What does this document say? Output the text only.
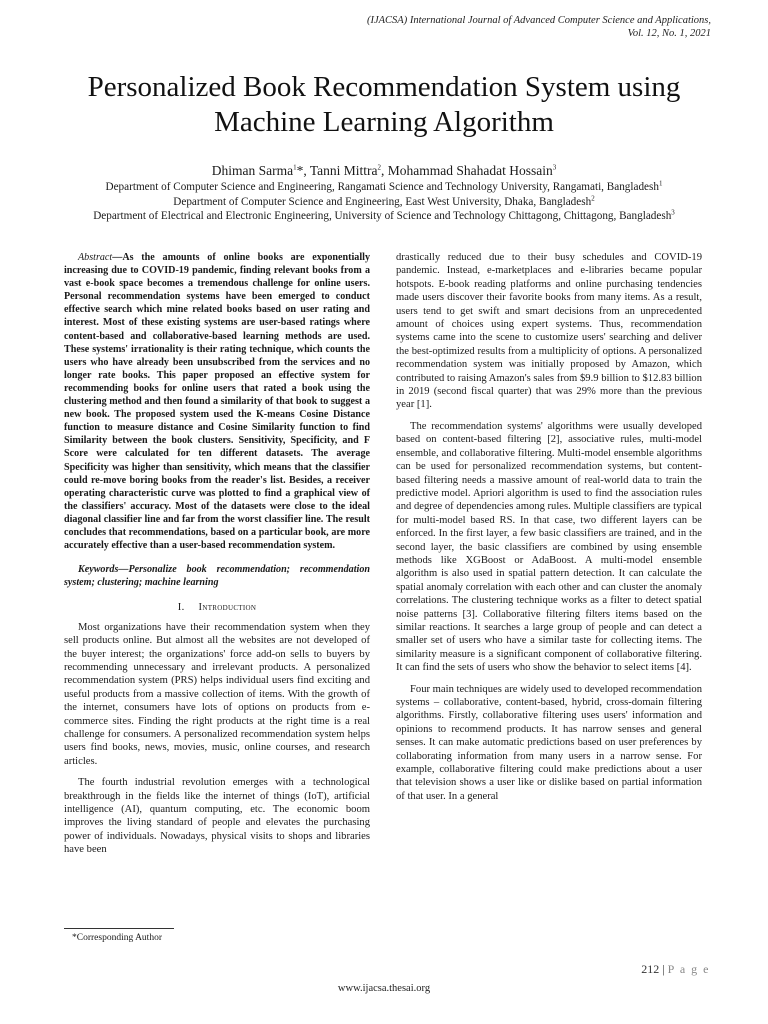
(IJACSA) International Journal of Advanced Computer Science and Applications,
Vol. 12, No. 1, 2021
Personalized Book Recommendation System using
Machine Learning Algorithm
Dhiman Sarma$^1$*, Tanni Mittra$^2$, Mohammad Shahadat Hossain$^3$
Department of Computer Science and Engineering, Rangamati Science and Technology University, Rangamati, Bangladesh$^1$
Department of Computer Science and Engineering, East West University, Dhaka, Bangladesh$^2$
Department of Electrical and Electronic Engineering, University of Science and Technology Chittagong, Chittagong, Bangladesh$^3$

Abstract—As the amounts of online books are exponentially increasing due to COVID-19 pandemic, finding relevant books from a vast e-book space becomes a tremendous challenge for online users. Personal recommendation systems have been emerged to conduct effective search which mine related books based on user rating and interest. Most of these existing systems are user-based ratings where content-based and collaborative-based learning methods are used. These systems' irrationality is their rating technique, which counts the users who have already been unsubscribed from the services and no longer rate books. This paper proposed an effective system for recommending books for online users that rated a book using the clustering method and then found a similarity of that book to suggest a new book. The proposed system used the K-means Cosine Distance function to measure distance and Cosine Similarity function to find Similarity between the book clusters. Sensitivity, Specificity, and F Score were calculated for ten different datasets. The average Specificity was higher than sensitivity, which means that the classifier could re-move boring books from the reader's list. Besides, a receiver operating characteristic curve was plotted to find a graphical view of the classifiers' accuracy. Most of the datasets were close to the ideal diagonal classifier line and far from the worst classifier line. The result concludes that recommendations, based on a particular book, are more accurately effective than a user-based recommendation system.

Keywords—Personalize book recommendation; recommendation system; clustering; machine learning

I. Introduction

Most organizations have their recommendation system when they sell products online. But almost all the websites are not developed of the buyer interest; the organizations' force add-on sells to buyers by recommending unnecessary and irrelevant products. A personalized recommendation system (PRS) helps individual users find exciting and useful products from a massive collection of items. With the growth of the internet, consumers have lots of options on products from e-commerce sites. Finding the right products at the right time is a real challenge for consumers. A personalized recommendation system helps users find books, news, movies, music, online courses, and research articles.

The fourth industrial revolution emerges with a technological breakthrough in the fields like the internet of things (IoT), artificial intelligence (AI), quantum computing, etc. The economic boom improves the living standard of people and elevates the purchasing power of individuals. Nowadays, physical visits to shops and libraries have been

drastically reduced due to their busy schedules and COVID-19 pandemic. Instead, e-marketplaces and e-libraries became popular hotspots. E-book reading platforms and online purchasing tendencies made users discover their favorite books from many items. As a result, users tend to get swift and smart decisions from an unprecedented amount of choices using expert systems. Thus, recommendation systems came into the scene to customize users' searching and deliver the best-optimized results from a multiplicity of options. A personalized recommendation system was initially proposed by Amazon, which contributed to raising Amazon's sales from $9.9 billion to $12.83 billion in 2019 (second fiscal quarter) that was 29% more than the previous year [1].

The recommendation systems' algorithms were usually developed based on content-based filtering [2], associative rules, multi-model ensemble, and collaborative filtering. Multi-model ensemble algorithms can be used for personalized recommendation systems, but content-based filtering needs a massive amount of real-world data to train the predictive model. Apriori algorithm is used to find the association rules and degree of dependencies among rules. Multiple classifiers are typical for multi-model based RS. In that case, two different layers can be enforced. In the first layer, a few basic classifiers are trained, and in the second layer, the basic classifiers are combined by using ensemble methods like XGBoost or AdaBoost. A multi-model ensemble algorithm is also used in spatial pattern detection. It can calculate the spatial anomaly correlation with each other and can cluster the anomaly correlations. The clustering technique works as a filter to detect spatial noise patterns [3]. Collaborative filtering filters items based on the similar reactions. It searches a large group of people and can detect a smaller set of users who have a similar taste for collecting items. The similarity measure is a significant component of collaborative filtering. It can find the sets of users who show the behavior to select items [4].

Four main techniques are widely used to developed recommendation systems – collaborative, content-based, hybrid, cross-domain filtering algorithms. Firstly, collaborative filtering uses users' information and opinions to recommend products. It has narrow senses and general senses. It can make automatic predictions based on user preferences by collaborating information from many users in a narrow sense. For example, collaborative filtering could make predictions about a user that television shows a user like or dislike based on partial information of that user. In a general

*Corresponding Author
212 | P a g e
www.ijacsa.thesai.org
